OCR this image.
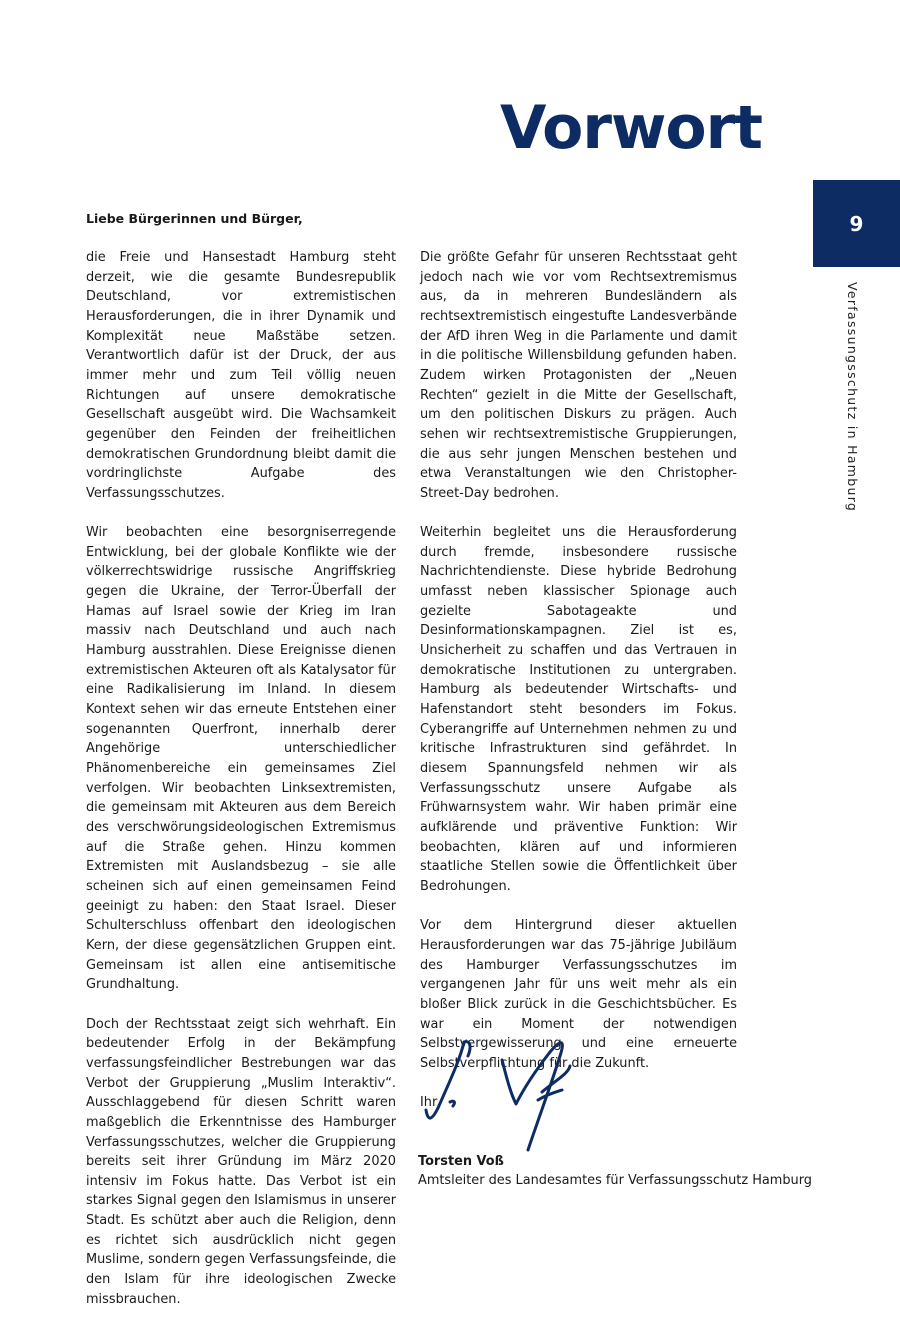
Vorwort
9
Verfassungsschutz in Hamburg

Liebe Bürgerinnen und Bürger,

die Freie und Hansestadt Hamburg steht derzeit, wie die gesamte Bundesrepublik Deutschland, vor extremistischen Herausforderungen, die in ihrer Dynamik und Komplexität neue Maßstäbe setzen. Verantwortlich dafür ist der Druck, der aus immer mehr und zum Teil völlig neuen Richtungen auf unsere demokratische Gesellschaft ausgeübt wird. Die Wachsamkeit gegenüber den Feinden der freiheitlichen demokratischen Grundordnung bleibt damit die vordringlichste Aufgabe des Verfassungsschutzes.

Wir beobachten eine besorgniserregende Entwicklung, bei der globale Konflikte wie der völkerrechtswidrige russische Angriffskrieg gegen die Ukraine, der Terror-Überfall der Hamas auf Israel sowie der Krieg im Iran massiv nach Deutschland und auch nach Hamburg ausstrahlen. Diese Ereignisse dienen extremistischen Akteuren oft als Katalysator für eine Radikalisierung im Inland. In diesem Kontext sehen wir das erneute Entstehen einer sogenannten Querfront, innerhalb derer Angehörige unterschiedlicher Phänomenbereiche ein gemeinsames Ziel verfolgen. Wir beobachten Linksextremisten, die gemeinsam mit Akteuren aus dem Bereich des verschwörungsideologischen Extremismus auf die Straße gehen. Hinzu kommen Extremisten mit Auslandsbezug – sie alle scheinen sich auf einen gemeinsamen Feind geeinigt zu haben: den Staat Israel. Dieser Schulterschluss offenbart den ideologischen Kern, der diese gegensätzlichen Gruppen eint. Gemeinsam ist allen eine antisemitische Grundhaltung.

Doch der Rechtsstaat zeigt sich wehrhaft. Ein bedeutender Erfolg in der Bekämpfung verfassungsfeindlicher Bestrebungen war das Verbot der Gruppierung „Muslim Interaktiv“. Ausschlaggebend für diesen Schritt waren maßgeblich die Erkenntnisse des Hamburger Verfassungsschutzes, welcher die Gruppierung bereits seit ihrer Gründung im März 2020 intensiv im Fokus hatte. Das Verbot ist ein starkes Signal gegen den Islamismus in unserer Stadt. Es schützt aber auch die Religion, denn es richtet sich ausdrücklich nicht gegen Muslime, sondern gegen Verfassungsfeinde, die den Islam für ihre ideologischen Zwecke missbrauchen.

Die größte Gefahr für unseren Rechtsstaat geht jedoch nach wie vor vom Rechtsextremismus aus, da in mehreren Bundesländern als rechtsextremistisch eingestufte Landesverbände der AfD ihren Weg in die Parlamente und damit in die politische Willensbildung gefunden haben. Zudem wirken Protagonisten der „Neuen Rechten“ gezielt in die Mitte der Gesellschaft, um den politischen Diskurs zu prägen. Auch sehen wir rechtsextremistische Gruppierungen, die aus sehr jungen Menschen bestehen und etwa Veranstaltungen wie den Christopher-Street-Day bedrohen.

Weiterhin begleitet uns die Herausforderung durch fremde, insbesondere russische Nachrichtendienste. Diese hybride Bedrohung umfasst neben klassischer Spionage auch gezielte Sabotageakte und Desinformationskampagnen. Ziel ist es, Unsicherheit zu schaffen und das Vertrauen in demokratische Institutionen zu untergraben. Hamburg als bedeutender Wirtschafts- und Hafenstandort steht besonders im Fokus. Cyberangriffe auf Unternehmen nehmen zu und kritische Infrastrukturen sind gefährdet. In diesem Spannungsfeld nehmen wir als Verfassungsschutz unsere Aufgabe als Frühwarnsystem wahr. Wir haben primär eine aufklärende und präventive Funktion: Wir beobachten, klären auf und informieren staatliche Stellen sowie die Öffentlichkeit über Bedrohungen.

Vor dem Hintergrund dieser aktuellen Herausforderungen war das 75-jährige Jubiläum des Hamburger Verfassungsschutzes im vergangenen Jahr für uns weit mehr als ein bloßer Blick zurück in die Geschichtsbücher. Es war ein Moment der notwendigen Selbstvergewisserung und eine erneuerte Selbstverpflichtung für die Zukunft.

Ihr

Torsten Voß
Amtsleiter des Landesamtes für Verfassungsschutz Hamburg
